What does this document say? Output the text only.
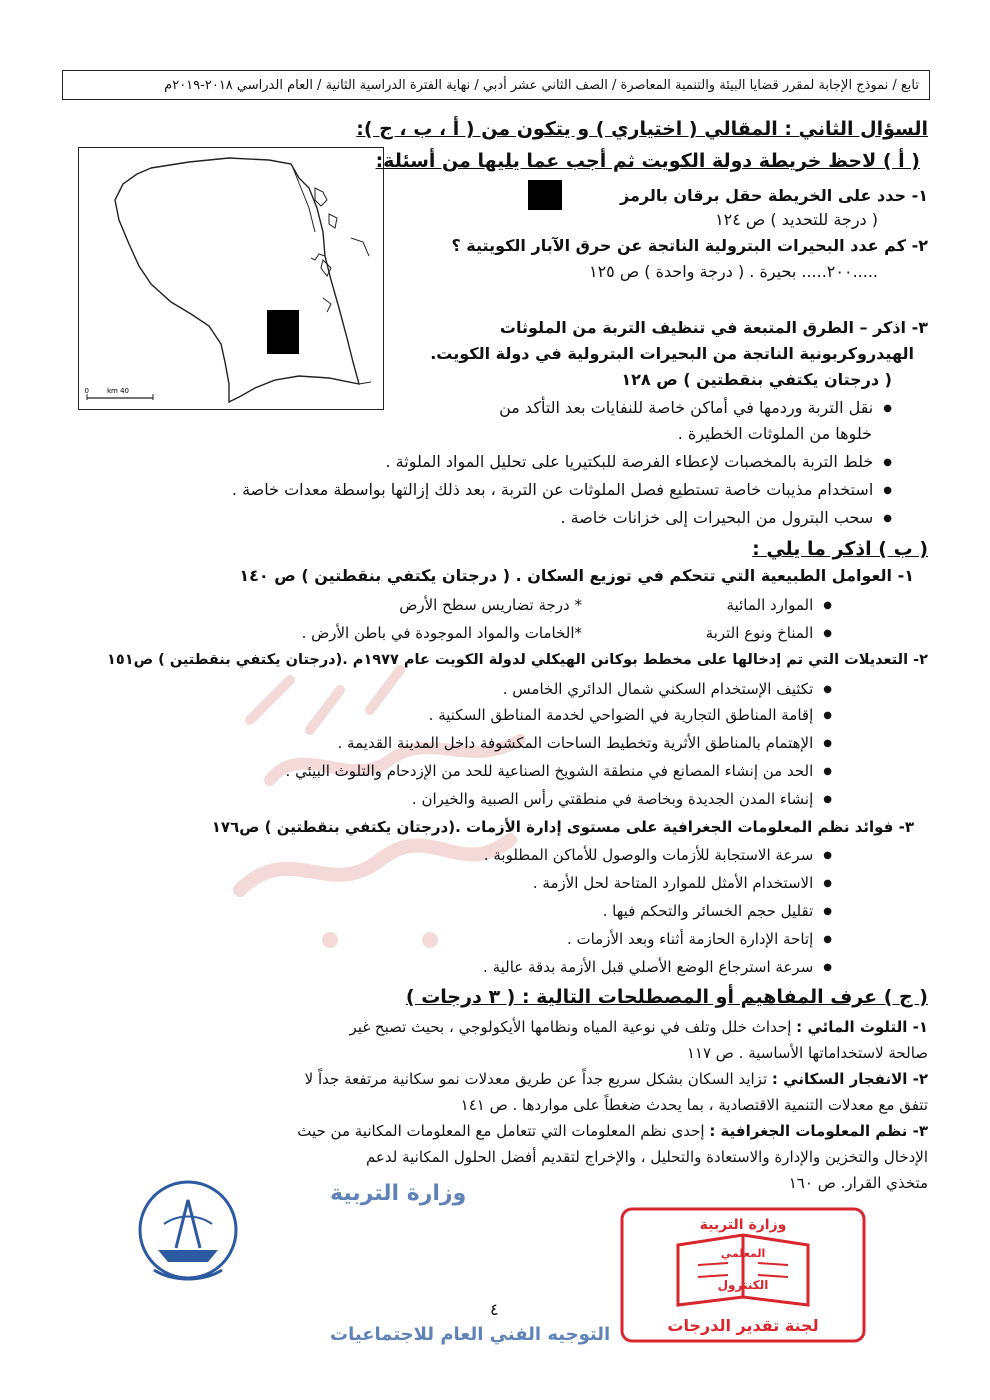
تابع / نموذج الإجابة لمقرر قضايا البيئة والتنمية المعاصرة / الصف الثاني عشر أدبي / نهاية الفترة الدراسية الثانية / العام الدراسي ٢٠١٨-٢٠١٩م
السؤال الثاني : المقالي ( اختياري ) و يتكون من ( أ ، ب ، ج ):
( أ ) لاحظ خريطة دولة الكويت ثم أجب عما يليها من أسئلة:
١- حدد على الخريطة حقل برقان بالرمز
( درجة للتحديد ) ص ١٢٤
٢- كم عدد البحيرات البترولية الناتجة عن حرق الآبار الكويتية ؟
.....٢٠٠..... بحيرة . ( درجة واحدة ) ص ١٢٥
٣- اذكر – الطرق المتبعة في تنظيف التربة من الملوثات
الهيدروكربونية الناتجة من البحيرات البترولية في دولة الكويت.
( درجتان يكتفي بنقطتين ) ص ١٢٨
● نقل التربة وردمها في أماكن خاصة للنفايات بعد التأكد من
خلوها من الملوثات الخطيرة .
● خلط التربة بالمخصبات لإعطاء الفرصة للبكتيريا على تحليل المواد الملوثة .
● استخدام مذيبات خاصة تستطيع فصل الملوثات عن التربة ، بعد ذلك إزالتها بواسطة معدات خاصة .
● سحب البترول من البحيرات إلى خزانات خاصة .
0	40 km
( ب ) اذكر ما يلي :
١- العوامل الطبيعية التي تتحكم في توزيع السكان . ( درجتان يكتفي بنقطتين ) ص ١٤٠
● الموارد المائية
* درجة تضاريس سطح الأرض
● المناخ ونوع التربة
*الخامات والمواد الموجودة في باطن الأرض .
٢- التعديلات التي تم إدخالها على مخطط بوكانن الهيكلي لدولة الكويت عام ١٩٧٧م .(درجتان يكتفي بنقطتين ) ص١٥١
● تكثيف الإستخدام السكني شمال الدائري الخامس .
● إقامة المناطق التجارية في الضواحي لخدمة المناطق السكنية .
● الإهتمام بالمناطق الأثرية وتخطيط الساحات المكشوفة داخل المدينة القديمة .
● الحد من إنشاء المصانع في منطقة الشويخ الصناعية للحد من الإزدحام والتلوث البيئي .
● إنشاء المدن الجديدة وبخاصة في منطقتي رأس الصبية والخيران .
٣- فوائد نظم المعلومات الجغرافية على مستوى إدارة الأزمات .(درجتان يكتفي بنقطتين ) ص١٧٦
● سرعة الاستجابة للأزمات والوصول للأماكن المطلوبة .
● الاستخدام الأمثل للموارد المتاحة لحل الأزمة .
● تقليل حجم الخسائر والتحكم فيها .
● إتاحة الإدارة الحازمة أثناء وبعد الأزمات .
● سرعة استرجاع الوضع الأصلي قبل الأزمة بدقة عالية .
( ج ) عرف المفاهيم أو المصطلحات التالية : ( ٣ درجات )
١- التلوث المائي : إحداث خلل وتلف في نوعية المياه ونظامها الأيكولوجي ، بحيث تصبح غير
صالحة لاستخداماتها الأساسية . ص ١١٧
٢- الانفجار السكاني : تزايد السكان بشكل سريع جداً عن طريق معدلات نمو سكانية مرتفعة جداً لا
تتفق مع معدلات التنمية الاقتصادية ، بما يحدث ضغطاً على مواردها . ص ١٤١
٣- نظم المعلومات الجغرافية : إحدى نظم المعلومات التي تتعامل مع المعلومات المكانية من حيث
الإدخال والتخزين والإدارة والاستعادة والتحليل ، والإخراج لتقديم أفضل الحلول المكانية لدعم
متخذي القرار. ص ١٦٠
وزارة التربية
التوجيه الفني العام للاجتماعيات
٤
وزارة التربية
المعلمي
الكنترول
لجنة تقدير الدرجات
